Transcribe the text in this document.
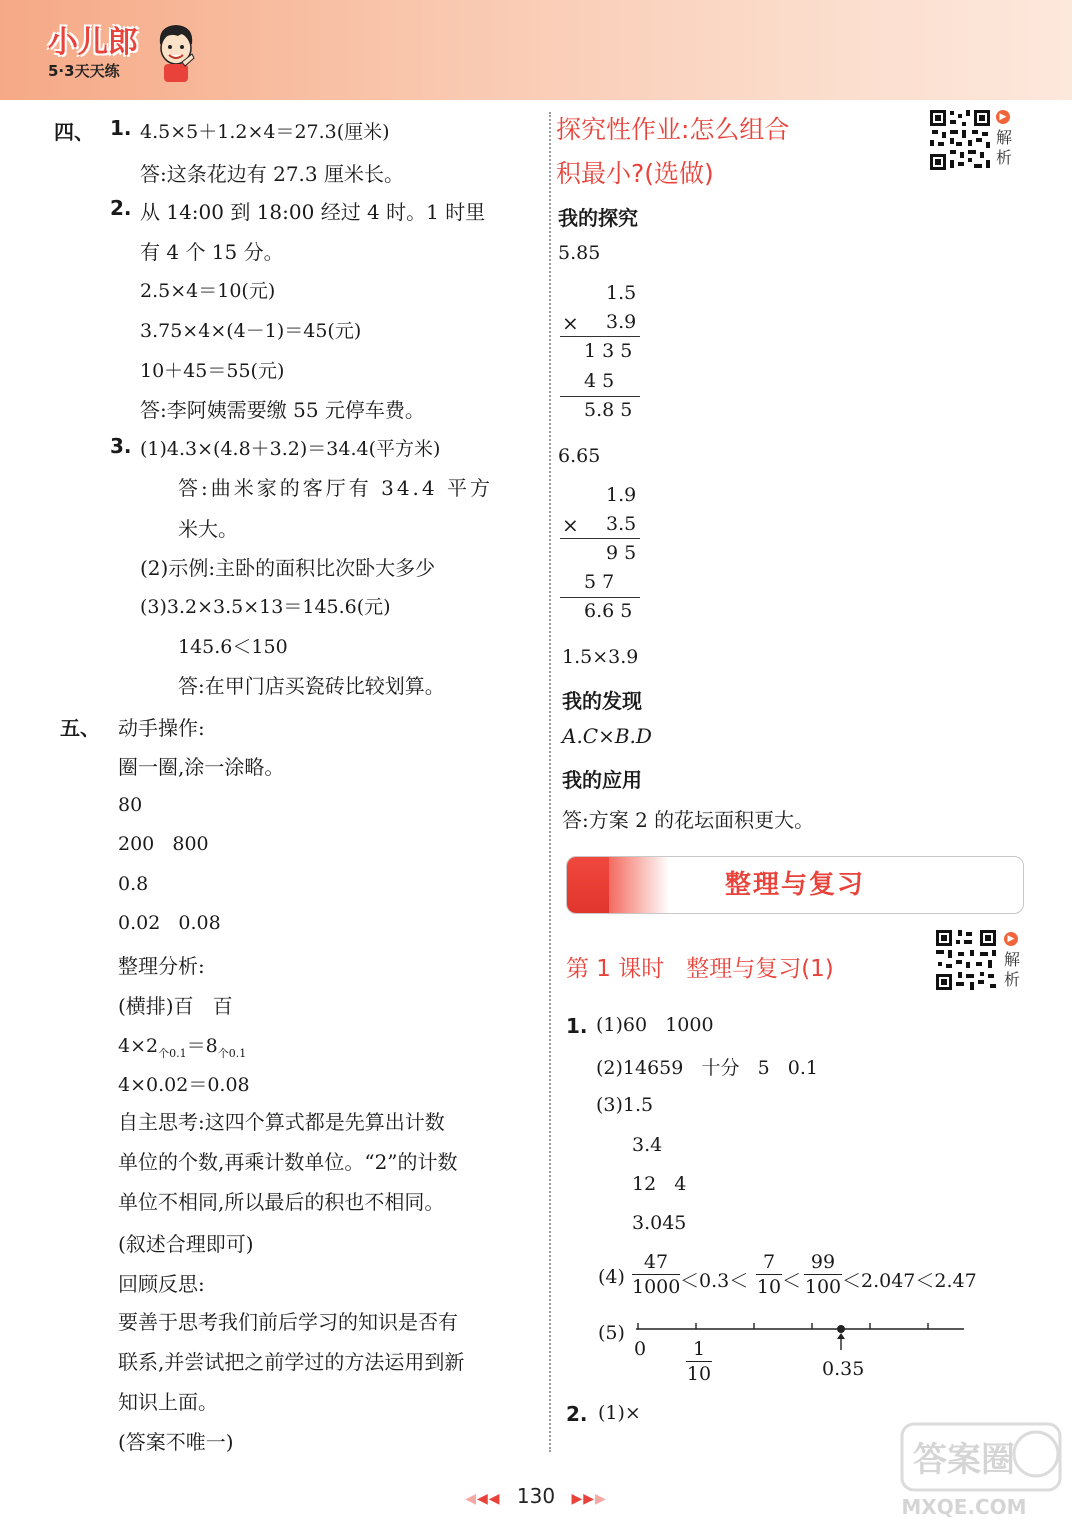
小儿郎
5·3天天练
四、 1. 4.5×5＋1.2×4＝27.3(厘米)
答:这条花边有 27.3 厘米长。
2. 从 14:00 到 18:00 经过 4 时。1 时里
有 4 个 15 分。
2.5×4＝10(元)
3.75×4×(4－1)＝45(元)
10＋45＝55(元)
答:李阿姨需要缴 55 元停车费。
3. (1)4.3×(4.8＋3.2)＝34.4(平方米)
答:曲米家的客厅有 34.4 平方
米大。
(2)示例:主卧的面积比次卧大多少
(3)3.2×3.5×13＝145.6(元)
145.6＜150
答:在甲门店买瓷砖比较划算。
五、 动手操作:
圈一圈,涂一涂略。
80
200   800
0.8
0.02   0.08
整理分析:
(横排)百   百
$4\times 2_{个0.1}=8_{个0.1}$
4×0.02＝0.08
自主思考:这四个算式都是先算出计数
单位的个数,再乘计数单位。“2”的计数
单位不相同,所以最后的积也不相同。
(叙述合理即可)
回顾反思:
要善于思考我们前后学习的知识是否有
联系,并尝试把之前学过的方法运用到新
知识上面。
(答案不唯一)
探究性作业:怎么组合
积最小?(选做)
▶
解析
我的探究
5.85
1.5
× 3.9
1 3 5
4 5
5.8 5
6.65
1.9
× 3.5
9 5
5 7
6.6 5
1.5×3.9
我的发现
A.C×B.D
我的应用
答:方案 2 的花坛面积更大。
整理与复习
▶
解析
第 1 课时   整理与复习(1)
1. (1)60   1000
(2)14659   十分   5   0.1
(3)1.5
3.4
12   4
3.045
(4)
47
1000 ＜0.3＜
7
10 ＜
99
100 ＜2.047＜2.47
(5)
0	1
10	0.35
2. (1)×
◀◀◀ 130 ▶▶▶
答案圈
MXQE.COM
